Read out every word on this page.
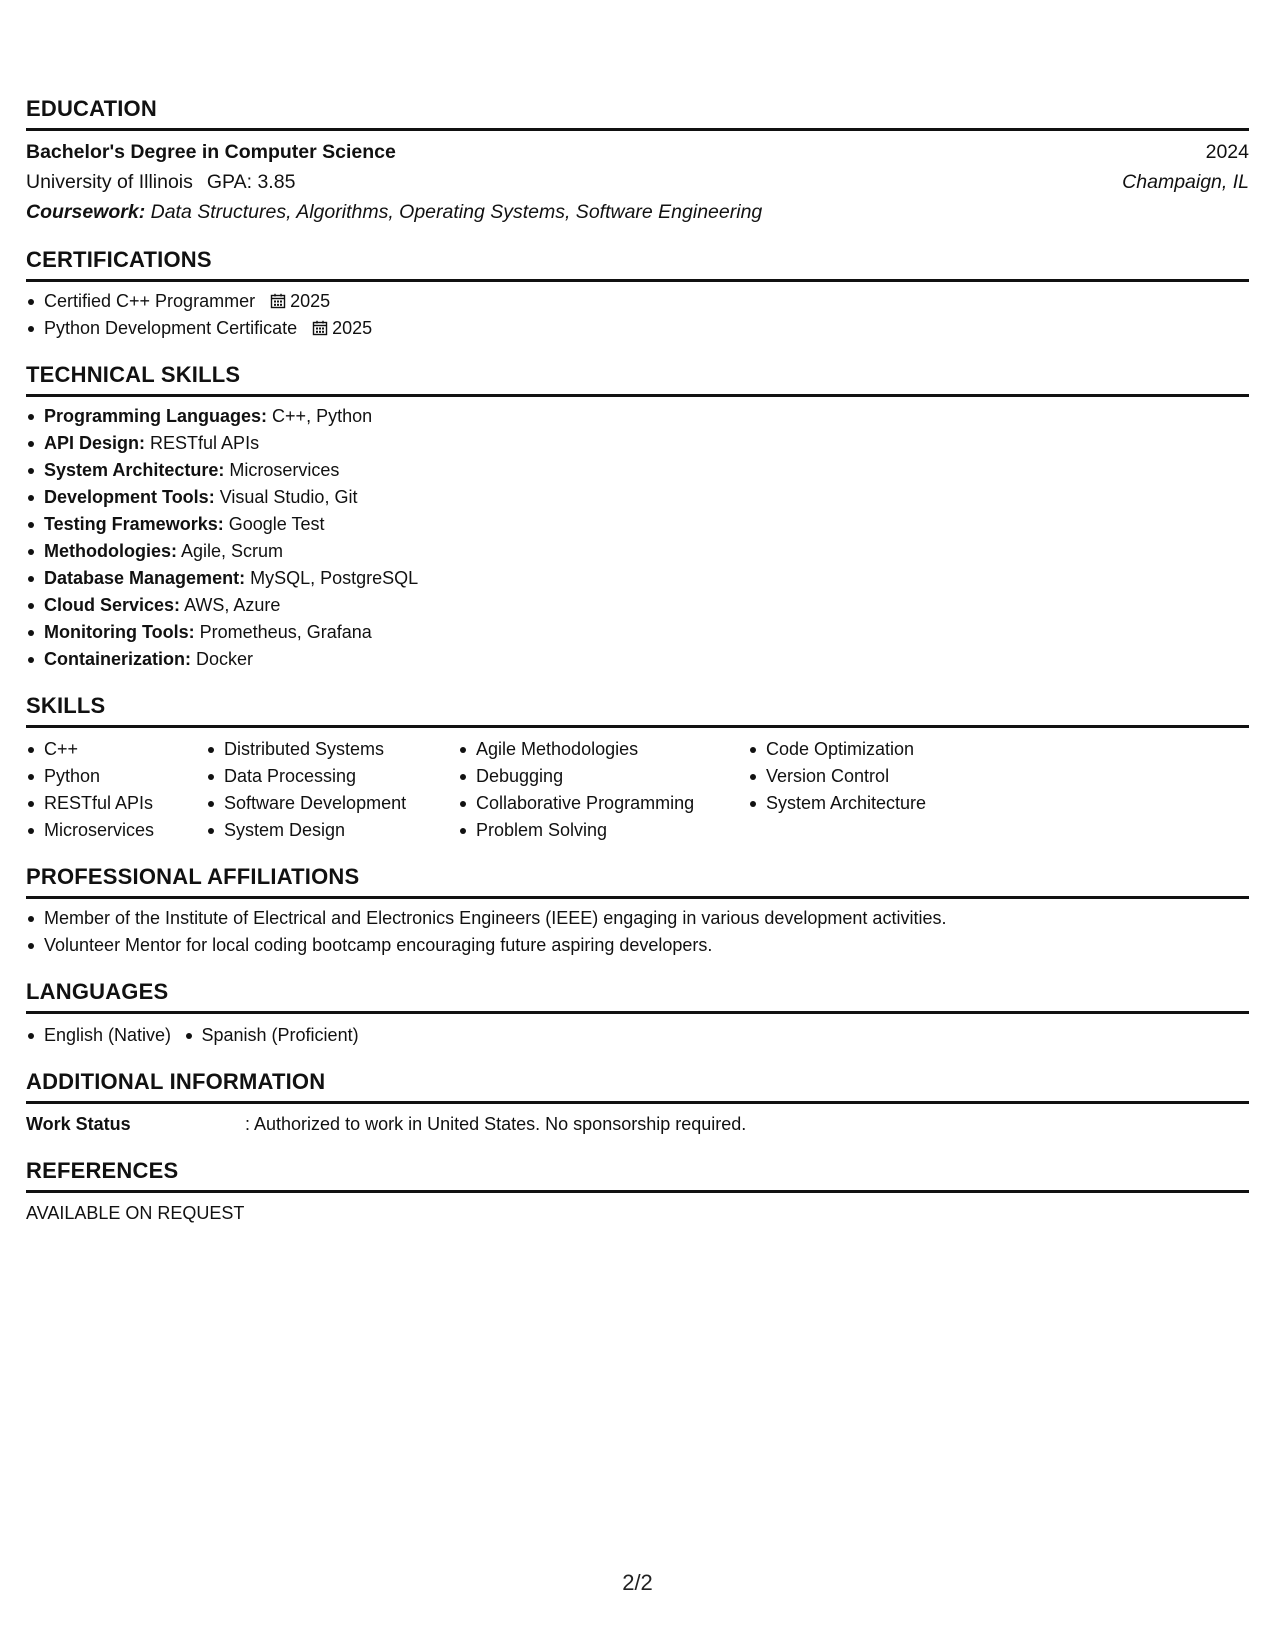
EDUCATION
Bachelor's Degree in Computer Science	2024
University of Illinois GPA: 3.85	Champaign, IL
Coursework: Data Structures, Algorithms, Operating Systems, Software Engineering
CERTIFICATIONS
Certified C++ Programmer 2025
Python Development Certificate 2025
TECHNICAL SKILLS
Programming Languages: C++, Python
API Design: RESTful APIs
System Architecture: Microservices
Development Tools: Visual Studio, Git
Testing Frameworks: Google Test
Methodologies: Agile, Scrum
Database Management: MySQL, PostgreSQL
Cloud Services: AWS, Azure
Monitoring Tools: Prometheus, Grafana
Containerization: Docker
SKILLS
C++
Python
RESTful APIs
Microservices
Distributed Systems
Data Processing
Software Development
System Design
Agile Methodologies
Debugging
Collaborative Programming
Problem Solving
Code Optimization
Version Control
System Architecture
PROFESSIONAL AFFILIATIONS
Member of the Institute of Electrical and Electronics Engineers (IEEE) engaging in various development activities.
Volunteer Mentor for local coding bootcamp encouraging future aspiring developers.
LANGUAGES
English (Native) Spanish (Proficient)
ADDITIONAL INFORMATION
Work Status	: Authorized to work in United States. No sponsorship required.
REFERENCES
AVAILABLE ON REQUEST
2/2
